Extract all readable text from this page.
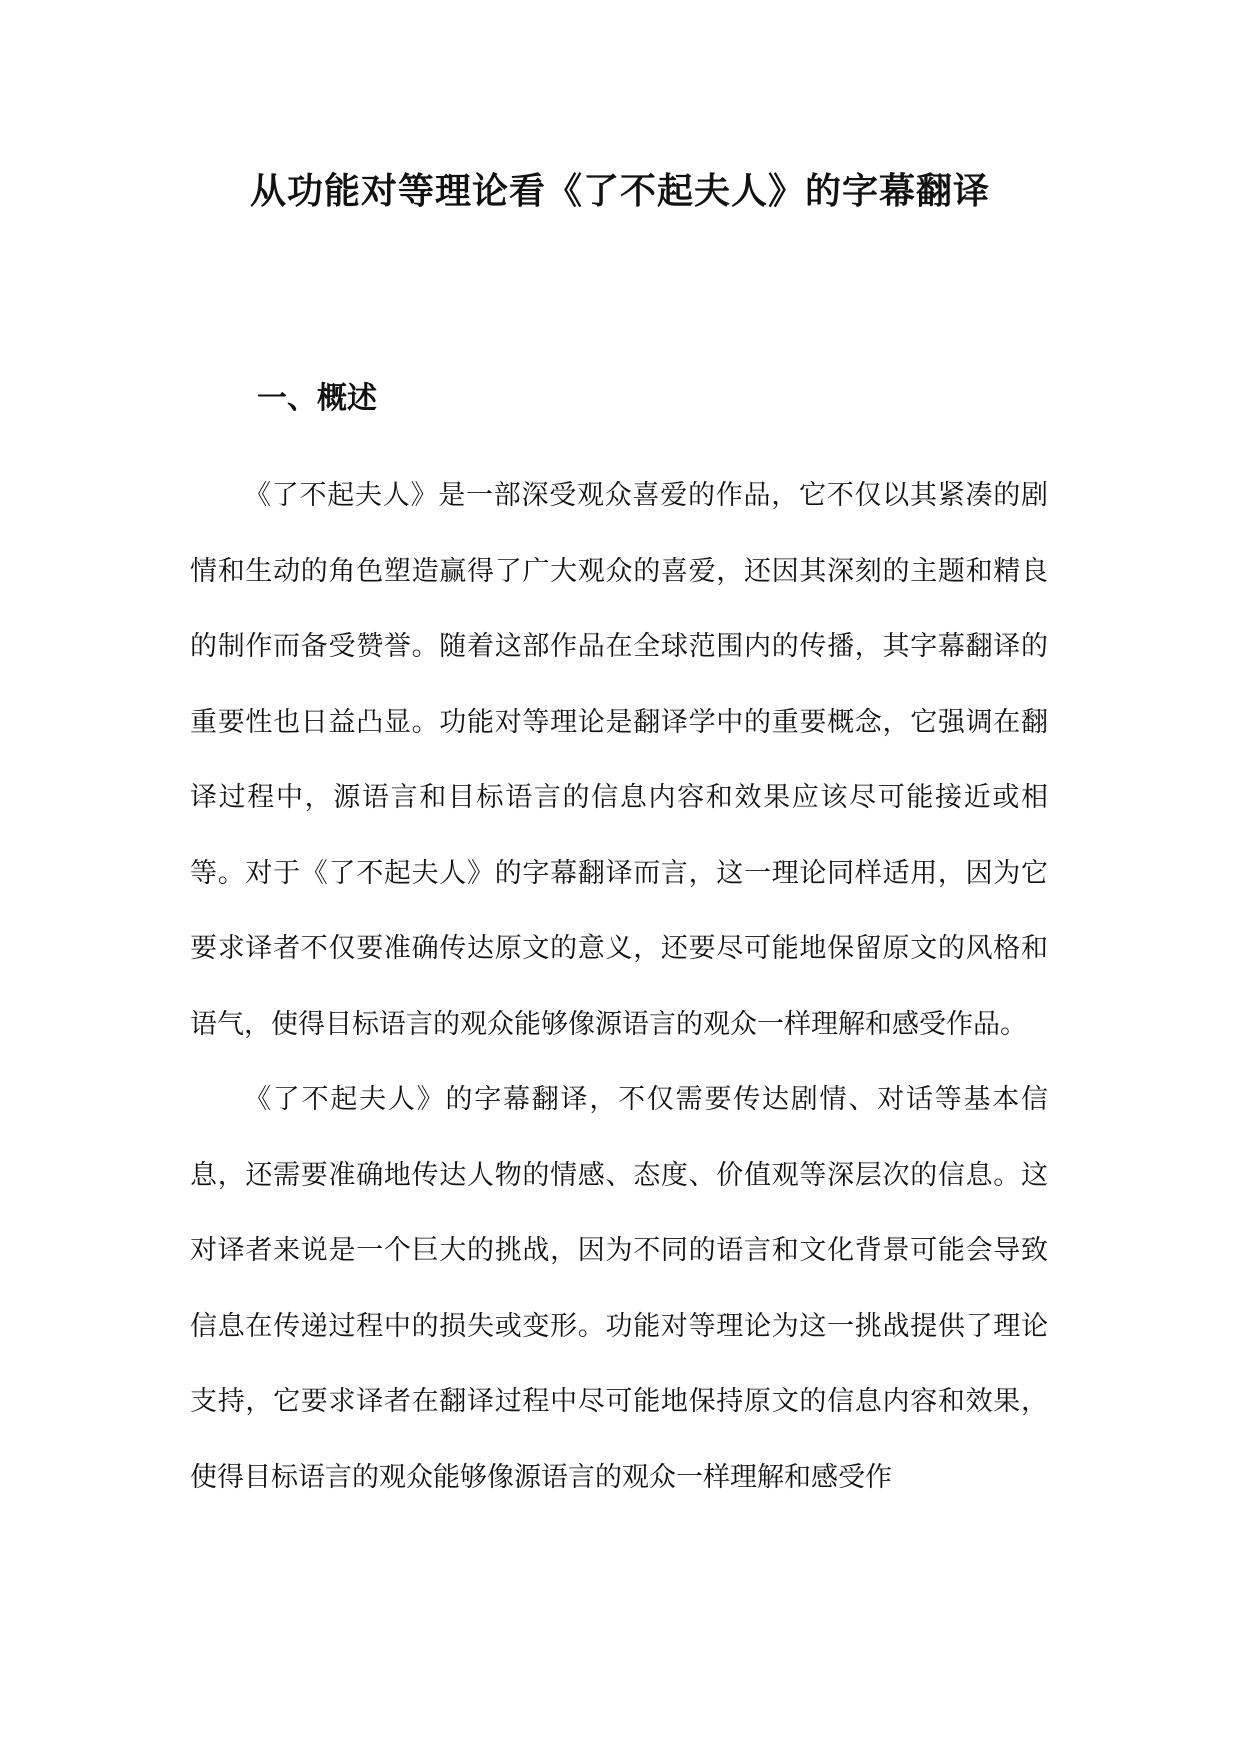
从功能对等理论看《了不起夫人》的字幕翻译
一、概述

《了不起夫人》是一部深受观众喜爱的作品，它不仅以其紧凑的剧情和生动的角色塑造赢得了广大观众的喜爱，还因其深刻的主题和精良的制作而备受赞誉。随着这部作品在全球范围内的传播，其字幕翻译的重要性也日益凸显。功能对等理论是翻译学中的重要概念，它强调在翻译过程中，源语言和目标语言的信息内容和效果应该尽可能接近或相等。对于《了不起夫人》的字幕翻译而言，这一理论同样适用，因为它要求译者不仅要准确传达原文的意义，还要尽可能地保留原文的风格和语气，使得目标语言的观众能够像源语言的观众一样理解和感受作品。

《了不起夫人》的字幕翻译，不仅需要传达剧情、对话等基本信息，还需要准确地传达人物的情感、态度、价值观等深层次的信息。这对译者来说是一个巨大的挑战，因为不同的语言和文化背景可能会导致信息在传递过程中的损失或变形。功能对等理论为这一挑战提供了理论支持，它要求译者在翻译过程中尽可能地保持原文的信息内容和效果，使得目标语言的观众能够像源语言的观众一样理解和感受作
